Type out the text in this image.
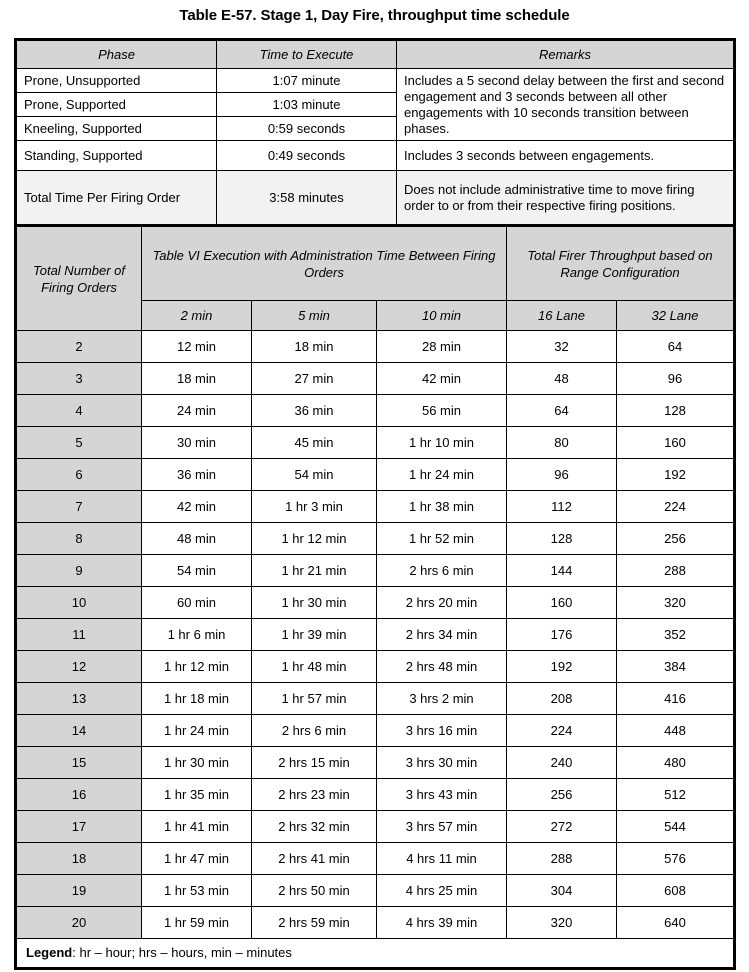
Table E-57. Stage 1, Day Fire, throughput time schedule
Phase	Time to Execute	Remarks
Prone, Unsupported	1:07 minute	Includes a 5 second delay between the first and second engagement and 3 seconds between all other engagements with 10 seconds transition between phases.
Prone, Supported	1:03 minute	
Kneeling, Supported	0:59 seconds	
Standing, Supported	0:49 seconds	Includes 3 seconds between engagements.
Total Time Per Firing Order	3:58 minutes	Does not include administrative time to move firing order to or from their respective firing positions.
Total Number of Firing Orders	Table VI Execution with Administration Time Between Firing Orders			Total Firer Throughput based on Range Configuration	
	2 min	5 min	10 min	16 Lane	32 Lane
2	12 min	18 min	28 min	32	64
3	18 min	27 min	42 min	48	96
4	24 min	36 min	56 min	64	128
5	30 min	45 min	1 hr 10 min	80	160
6	36 min	54 min	1 hr 24 min	96	192
7	42 min	1 hr 3 min	1 hr 38 min	112	224
8	48 min	1 hr 12 min	1 hr 52 min	128	256
9	54 min	1 hr 21 min	2 hrs 6 min	144	288
10	60 min	1 hr 30 min	2 hrs 20 min	160	320
11	1 hr 6 min	1 hr 39 min	2 hrs 34 min	176	352
12	1 hr 12 min	1 hr 48 min	2 hrs 48 min	192	384
13	1 hr 18 min	1 hr 57 min	3 hrs 2 min	208	416
14	1 hr 24 min	2 hrs 6 min	3 hrs 16 min	224	448
15	1 hr 30 min	2 hrs 15 min	3 hrs 30 min	240	480
16	1 hr 35 min	2 hrs 23 min	3 hrs 43 min	256	512
17	1 hr 41 min	2 hrs 32 min	3 hrs 57 min	272	544
18	1 hr 47 min	2 hrs 41 min	4 hrs 11 min	288	576
19	1 hr 53 min	2 hrs 50 min	4 hrs 25 min	304	608
20	1 hr 59 min	2 hrs 59 min	4 hrs 39 min	320	640
Legend: hr – hour; hrs – hours, min – minutes					
